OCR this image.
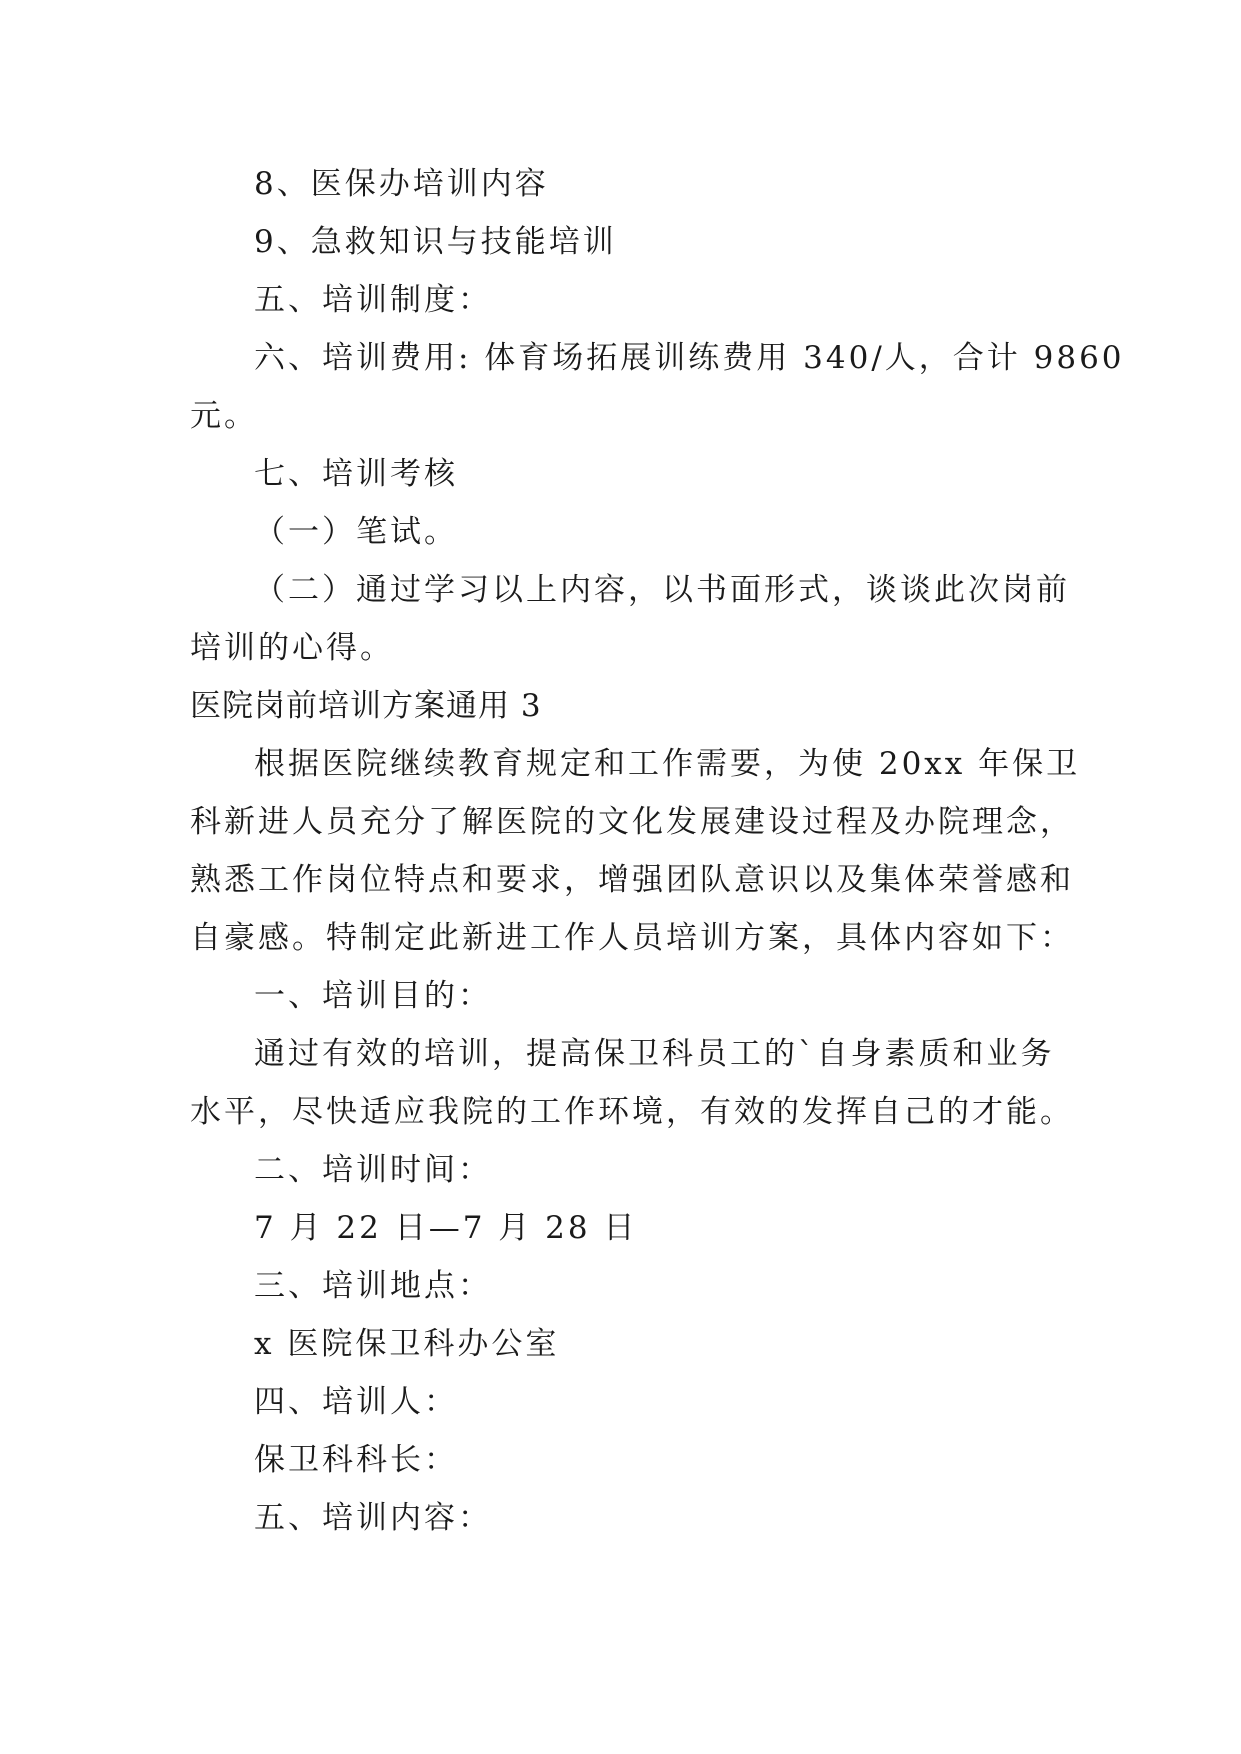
8、医保办培训内容
9、急救知识与技能培训
五、培训制度：
六、培训费用: 体育场拓展训练费用 340/人，合计 9860
元。
七、培训考核
（一）笔试。
（二）通过学习以上内容，以书面形式，谈谈此次岗前
培训的心得。
医院岗前培训方案通用 3
根据医院继续教育规定和工作需要，为使 20xx 年保卫
科新进人员充分了解医院的文化发展建设过程及办院理念，
熟悉工作岗位特点和要求，增强团队意识以及集体荣誉感和
自豪感。特制定此新进工作人员培训方案，具体内容如下：
一、培训目的：
通过有效的培训，提高保卫科员工的`自身素质和业务
水平，尽快适应我院的工作环境，有效的发挥自己的才能。
二、培训时间：
7 月 22 日—7 月 28 日
三、培训地点：
x 医院保卫科办公室
四、培训人：
保卫科科长：
五、培训内容：
